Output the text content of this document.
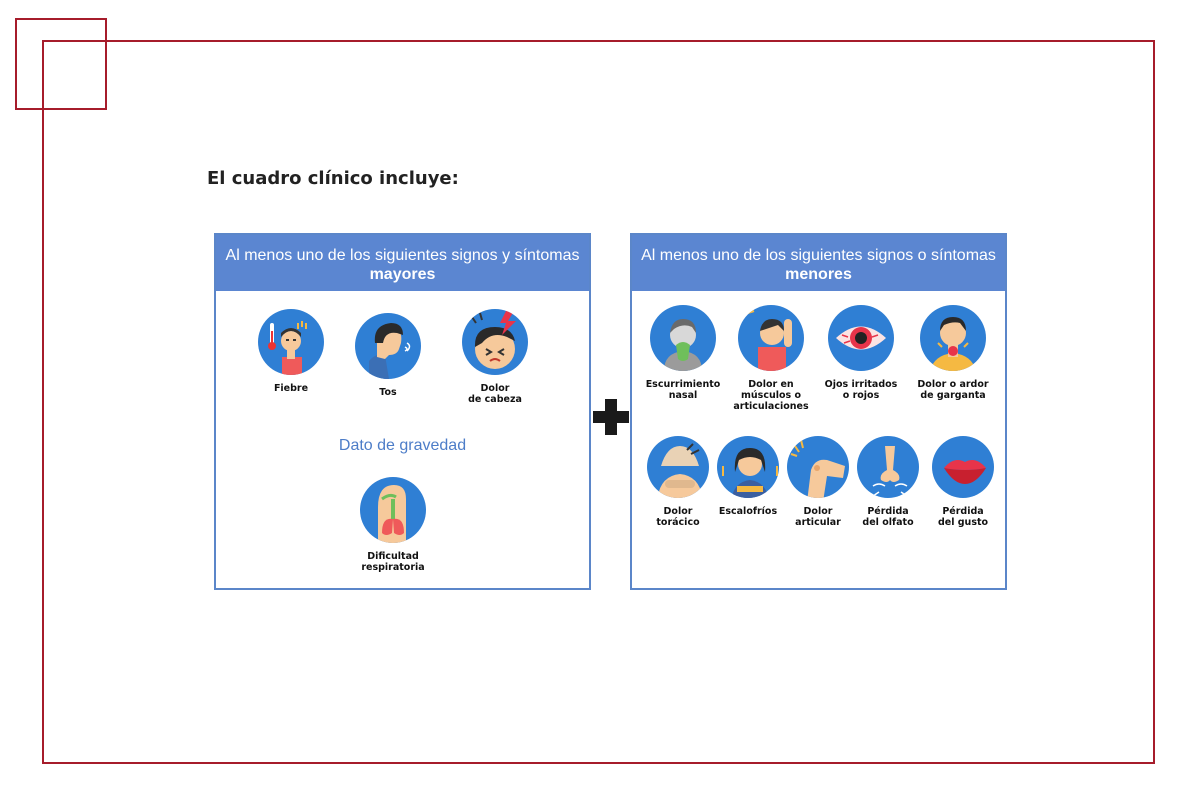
El cuadro clínico incluye:
Al menos uno de los siguientes signos y síntomas mayores
Fiebre	Tos	Dolor
de cabeza
Dato de gravedad
Dificultad
respiratoria
Al menos uno de los siguientes signos o síntomas menores
Escurrimiento
nasal
Dolor en
músculos o
articulaciones
Ojos irritados
o rojos
Dolor o ardor
de garganta
Dolor
torácico
Escalofríos	Dolor
articular
Pérdida
del olfato
Pérdida
del gusto
